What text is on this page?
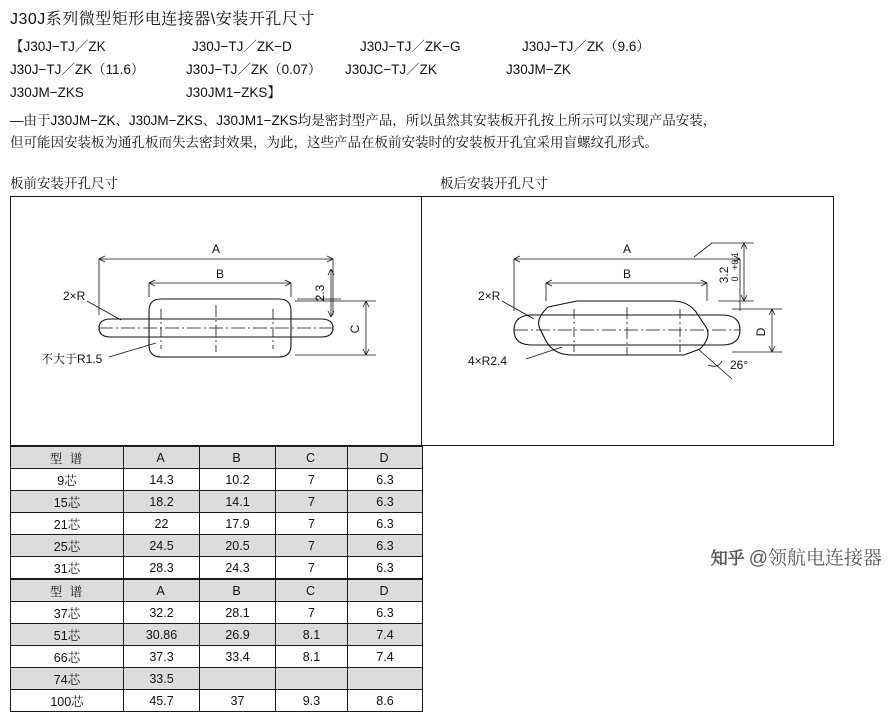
J30J系列微型矩形电连接器\安装开孔尺寸
【J30J−TJ／ZK	J30J−TJ／ZK−D	J30J−TJ／ZK−G	J30J−TJ／ZK（9.6）
J30J−TJ／ZK（11.6）	J30J−TJ／ZK（0.07） J30JC−TJ／ZK	J30JM−ZK
J30JM−ZKS	J30JM1−ZKS】
—由于J30JM−ZK、J30JM−ZKS、J30JM1−ZKS均是密封型产品，所以虽然其安装板开孔按上所示可以实现产品安装，
但可能因安装板为通孔板而失去密封效果，为此，这些产品在板前安装时的安装板开孔宜采用盲螺纹孔形式。
板前安装开孔尺寸	板后安装开孔尺寸
A
B
2.3
C
2×R
不大于R1.5
A
B	3.2
+0.1
0
D
2×R
4×R2.4	26°
型 谱	A	B	C	D
9芯	14.3	10.2	7	6.3
15芯	18.2	14.1	7	6.3
21芯	22	17.9	7	6.3
25芯	24.5	20.5	7	6.3
31芯	28.3	24.3	7	6.3
型 谱	A	B	C	D
37芯	32.2	28.1	7	6.3
51芯	30.86	26.9	8.1	7.4
66芯	37.3	33.4	8.1	7.4
74芯	33.5			
100芯	45.7	37	9.3	8.6
知乎 @领航电连接器
